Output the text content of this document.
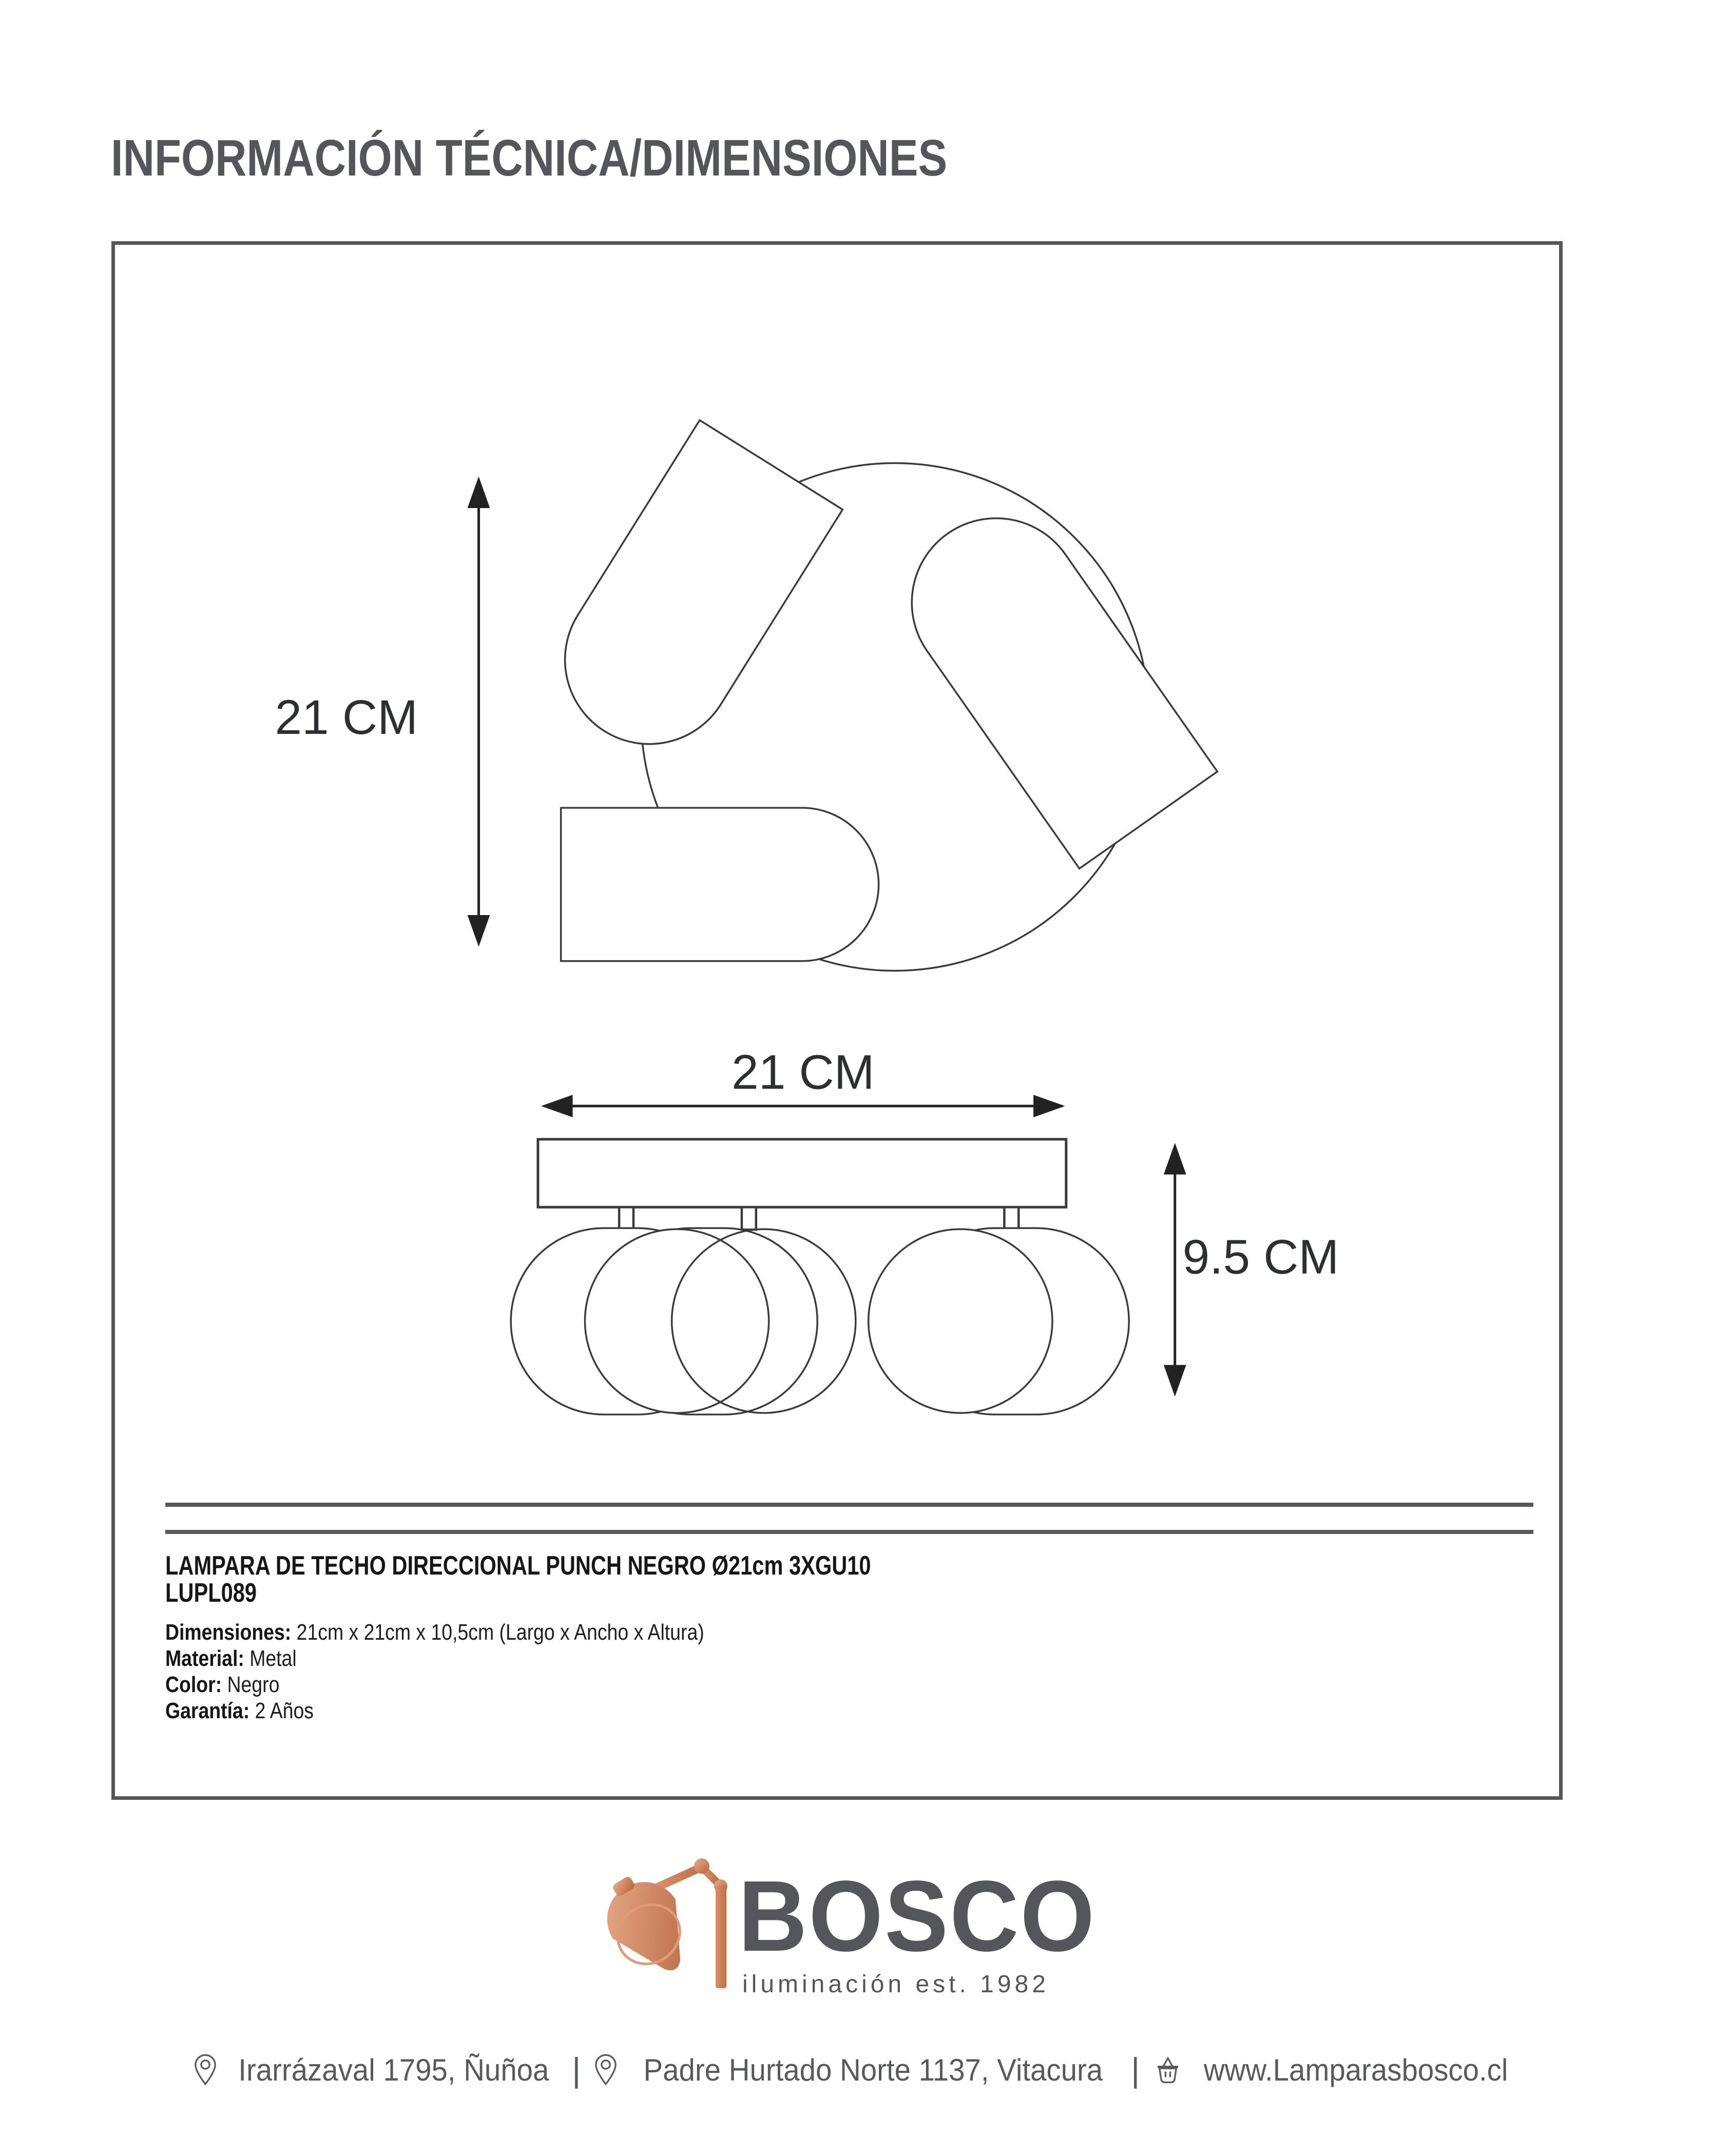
INFORMACIÓN TÉCNICA/DIMENSIONES
21 CM
21 CM
9.5 CM

LAMPARA DE TECHO DIRECCIONAL PUNCH NEGRO Ø21cm 3XGU10

LUPL089

Dimensiones: 21cm x 21cm x 10,5cm (Largo x Ancho x Altura)
Material: Metal
Color: Negro
Garantía: 2 Años

BOSCO

iluminación est. 1982

Irarrázaval 1795, Ñuñoa | Padre Hurtado Norte 1137, Vitacura | www.Lamparasbosco.cl
